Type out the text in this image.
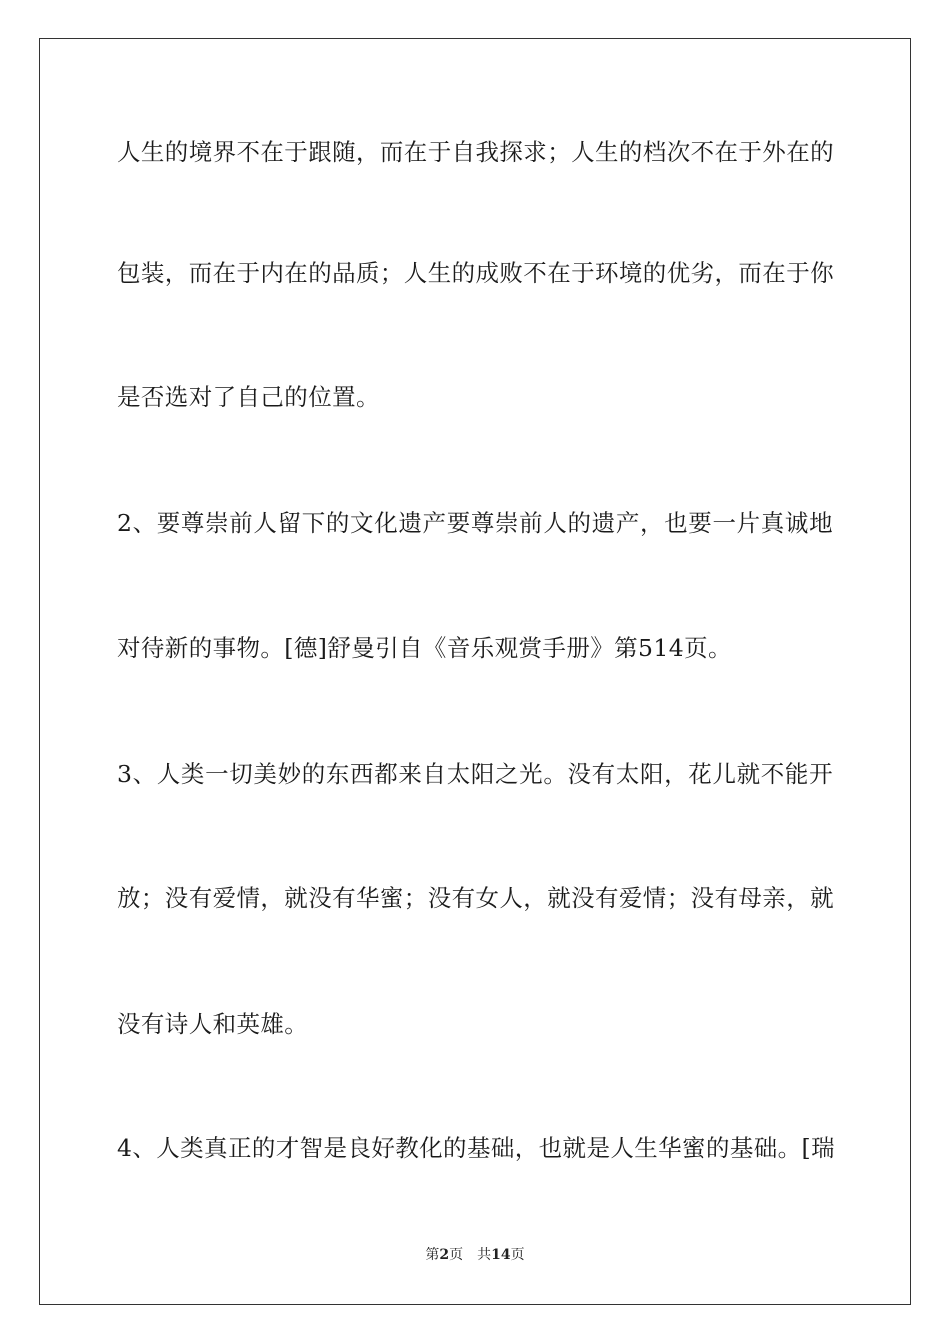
人生的境界不在于跟随，而在于自我探求；人生的档次不在于外在的
包装，而在于内在的品质；人生的成败不在于环境的优劣，而在于你
是否选对了自己的位置。
2、要尊崇前人留下的文化遗产要尊崇前人的遗产，也要一片真诚地
对待新的事物。[德]舒曼引自《音乐观赏手册》第514页。
3、人类一切美妙的东西都来自太阳之光。没有太阳，花儿就不能开
放；没有爱情，就没有华蜜；没有女人，就没有爱情；没有母亲，就
没有诗人和英雄。
4、人类真正的才智是良好教化的基础，也就是人生华蜜的基础。[瑞
第2页 共14页
